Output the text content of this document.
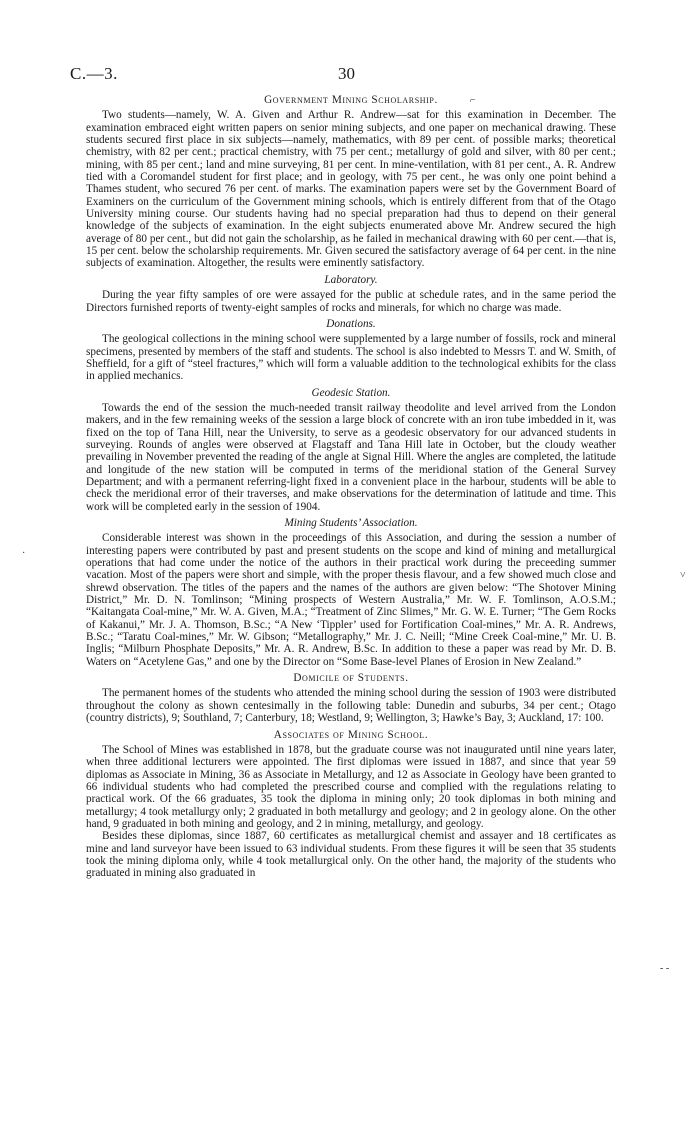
C.—3.	30
Government Mining Scholarship.

Two students—namely, W. A. Given and Arthur R. Andrew—sat for this examination in December. The examination embraced eight written papers on senior mining subjects, and one paper on mechanical drawing. These students secured first place in six subjects—namely, mathematics, with 89 per cent. of possible marks; theoretical chemistry, with 82 per cent.; practical chemistry, with 75 per cent.; metallurgy of gold and silver, with 80 per cent.; mining, with 85 per cent.; land and mine surveying, 81 per cent. In mine-ventilation, with 81 per cent., A. R. Andrew tied with a Coromandel student for first place; and in geology, with 75 per cent., he was only one point behind a Thames student, who secured 76 per cent. of marks. The examination papers were set by the Government Board of Examiners on the curriculum of the Government mining schools, which is entirely different from that of the Otago University mining course. Our students having had no special preparation had thus to depend on their general knowledge of the subjects of examination. In the eight subjects enumerated above Mr. Andrew secured the high average of 80 per cent., but did not gain the scholarship, as he failed in mechanical drawing with 60 per cent.—that is, 15 per cent. below the scholarship requirements. Mr. Given secured the satisfactory average of 64 per cent. in the nine subjects of examination. Altogether, the results were eminently satisfactory.

Laboratory.

During the year fifty samples of ore were assayed for the public at schedule rates, and in the same period the Directors furnished reports of twenty-eight samples of rocks and minerals, for which no charge was made.

Donations.

The geological collections in the mining school were supplemented by a large number of fossils, rock and mineral specimens, presented by members of the staff and students. The school is also indebted to Messrs T. and W. Smith, of Sheffield, for a gift of “steel fractures,” which will form a valuable addition to the technological exhibits for the class in applied mechanics.

Geodesic Station.

Towards the end of the session the much-needed transit railway theodolite and level arrived from the London makers, and in the few remaining weeks of the session a large block of concrete with an iron tube imbedded in it, was fixed on the top of Tana Hill, near the University, to serve as a geodesic observatory for our advanced students in surveying. Rounds of angles were observed at Flagstaff and Tana Hill late in October, but the cloudy weather prevailing in November prevented the reading of the angle at Signal Hill. Where the angles are completed, the latitude and longitude of the new station will be computed in terms of the meridional station of the General Survey Department; and with a permanent referring-light fixed in a convenient place in the harbour, students will be able to check the meridional error of their traverses, and make observations for the determination of latitude and time. This work will be completed early in the session of 1904.

Mining Students’ Association.

Considerable interest was shown in the proceedings of this Association, and during the session a number of interesting papers were contributed by past and present students on the scope and kind of mining and metallurgical operations that had come under the notice of the authors in their practical work during the preceeding summer vacation. Most of the papers were short and simple, with the proper thesis flavour, and a few showed much close and shrewd observation. The titles of the papers and the names of the authors are given below: “The Shotover Mining District,” Mr. D. N. Tomlinson; “Mining prospects of Western Australia,” Mr. W. F. Tomlinson, A.O.S.M.; “Kaitangata Coal-mine,” Mr. W. A. Given, M.A.; “Treatment of Zinc Slimes,” Mr. G. W. E. Turner; “The Gem Rocks of Kakanui,” Mr. J. A. Thomson, B.Sc.; “A New ‘Tippler’ used for Fortification Coal-mines,” Mr. A. R. Andrews, B.Sc.; “Taratu Coal-mines,” Mr. W. Gibson; “Metallography,” Mr. J. C. Neill; “Mine Creek Coal-mine,” Mr. U. B. Inglis; “Milburn Phosphate Deposits,” Mr. A. R. Andrew, B.Sc. In addition to these a paper was read by Mr. D. B. Waters on “Acetylene Gas,” and one by the Director on “Some Base-level Planes of Erosion in New Zealand.”

Domicile of Students.

The permanent homes of the students who attended the mining school during the session of 1903 were distributed throughout the colony as shown centesimally in the following table: Dunedin and suburbs, 34 per cent.; Otago (country districts), 9; Southland, 7; Canterbury, 18; Westland, 9; Wellington, 3; Hawke’s Bay, 3; Auckland, 17: 100.

Associates of Mining School.

The School of Mines was established in 1878, but the graduate course was not inaugurated until nine years later, when three additional lecturers were appointed. The first diplomas were issued in 1887, and since that year 59 diplomas as Associate in Mining, 36 as Associate in Metallurgy, and 12 as Associate in Geology have been granted to 66 individual students who had completed the prescribed course and complied with the regulations relating to practical work. Of the 66 graduates, 35 took the diploma in mining only; 20 took diplomas in both mining and metallurgy; 4 took metallurgy only; 2 graduated in both metallurgy and geology; and 2 in geology alone. On the other hand, 9 graduated in both mining and geology, and 2 in mining, metallurgy, and geology.

Besides these diplomas, since 1887, 60 certificates as metallurgical chemist and assayer and 18 certificates as mine and land surveyor have been issued to 63 individual students. From these figures it will be seen that 35 students took the mining diploma only, while 4 took metallurgical only. On the other hand, the majority of the students who graduated in mining also graduated in

⌐
·
˅
- -
